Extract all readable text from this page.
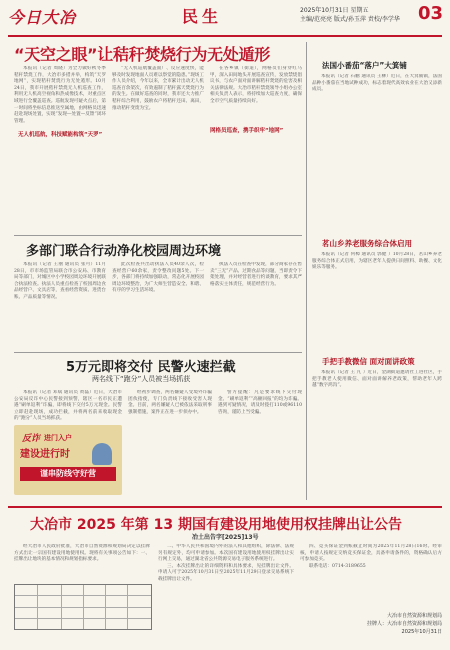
今日大冶	民生	2025年10月31日 星期五
主编/范亮亮 版式/孙玉萍 责校/李学华 03
“天空之眼”让秸秆焚烧行为无处遁形

本报讯（记者 周晓）为全力做好秋冬季秸秆禁烧工作，大冶市多措并举，构筑“天罗地网”，实现秸秆焚烧行为无处遁形。10月24日，我市开展秸秆禁烧无人机巡查工作，利用无人机高空视角和热成像技术，对重点区域进行全覆盖巡查。巡航发现可疑火点后，第一时间将坐标信息推送至属地，由网格员迅速赶赴现场处置，实现“发现—处置—反馈”闭环管理。

无人机巡航，科技赋能构筑“天罗”

“无人机巡航覆盖面广、反应速度快，能够及时发现地面人员难以察觉的隐患。”现场工作人员介绍，今年以来，全市累计出动无人机巡查百余架次，有效遏制了秸秆露天焚烧行为的发生。在做好巡查的同时，我市还大力推广秸秆综合利用，鼓励农户将秸秆还田、离田，推动秸秆变废为宝。

在各乡镇（街道），网格员们身穿红马甲，深入田间地头开展巡查宣传，发放禁烧倡议书，与农户面对面讲解秸秆焚烧的危害及相关法律法规。大冶市秸秆禁烧领导小组办公室相关负责人表示，将持续加大巡查力度，确保全市空气质量持续向好。

网格员巡查，携手织牢“地网”
多部门联合行动净化校园周边环境

本报讯（记者 王丽 通讯员 张可）11月28日，市市场监管局联合市公安局、市教育局等部门，对城区中小学校园周边环境开展联合执法检查。执法人员重点检查了校园周边食品经营户、文具店等，查看经营资质、进货台账、产品质量等情况。

此次检查共出动执法人员40余人次，检查经营户60余家，责令整改问题5处。下一步，各部门将持续加强联动，常态化开展校园周边环境整治，为广大师生营造安全、和谐、有序的学习生活环境。

执法人员在检查中发现，部分商家存在售卖“三无”产品、过期食品等问题，当即责令下架处理，并对经营者进行约谈教育，要求其严格落实主体责任，规范经营行为。

5万元即将交付 民警火速拦截
两名线下“跑分”人员被当场抓获

本报讯（记者 邓斌 通讯员 黄磊）近日，大冶市公安局反诈中心民警接到预警，辖区一名市民正遭遇“刷单返利”诈骗，即将线下交付5万元现金。民警立即赶赴现场，成功拦截，并将两名前来收取现金的“跑分”人员当场抓获。

经初步调查，两名嫌疑人受境外诈骗团伙指使，专门负责线下接收受害人现金。目前，两名嫌疑人已被依法采取刑事强制措施，案件正在进一步侦办中。

警方提醒：凡是要求线下交付现金、“刷单返利”“高额回报”的均为诈骗。遇到可疑情况，请及时拨打110或96110咨询，谨防上当受骗。

反诈 进门入户
建设进行时
谨串防线守好营
法国小番茄“落户”大箕铺

本报讯（记者 石鹏 通讯员 王柳）近日，在大箕铺镇，法国品种小番茄在当地试种成功，标志着现代高效农业在大冶又添新成员。

茗山乡养老服务综合体启用

本报讯（记者 何樟 通讯员 郭健 ）10月28日，茗山乡养老服务综合体正式启用，为辖区老年人提供日间照料、助餐、文化娱乐等服务。

手把手教微信 面对面讲政策

本报讯（记者 王 凡 ）近日，金湖街道邀请社工进社区，手把手教老人使用微信、面对面讲解养老政策，帮助老年人跨越“数字鸿沟”。

大冶市 2025 年第 13 期国有建设用地使用权挂牌出让公告
冶土出告字[2025]13号

经大冶市人民政府批准，大冶市自然资源和规划局决定以挂牌方式出让一宗国有建设用地使用权。现将有关事项公告如下：一、挂牌出让地块的基本情况和规划指标要求。

二、中华人民共和国境内外的法人和其他组织，除法律、法规另有规定外，均可申请参加。本次国有建设用地使用权挂牌出让实行网上交易，通过湖北省公共资源交易电子服务系统进行。

三、本次挂牌出让的详细资料和具体要求，见挂牌出让文件。申请人可于2025年10月31日至2025年11月29日登录交易系统下载挂牌出让文件。

四、竞买保证金到账截止时间为2025年11月28日16时。经审核，申请人按规定交纳竞买保证金，具备申请条件的，资格确认后方可参加竞买。

联系电话：0714-3189655

大冶市自然资源和规划局
挂牌人：大冶市自然资源和规划局
2025年10月31日
